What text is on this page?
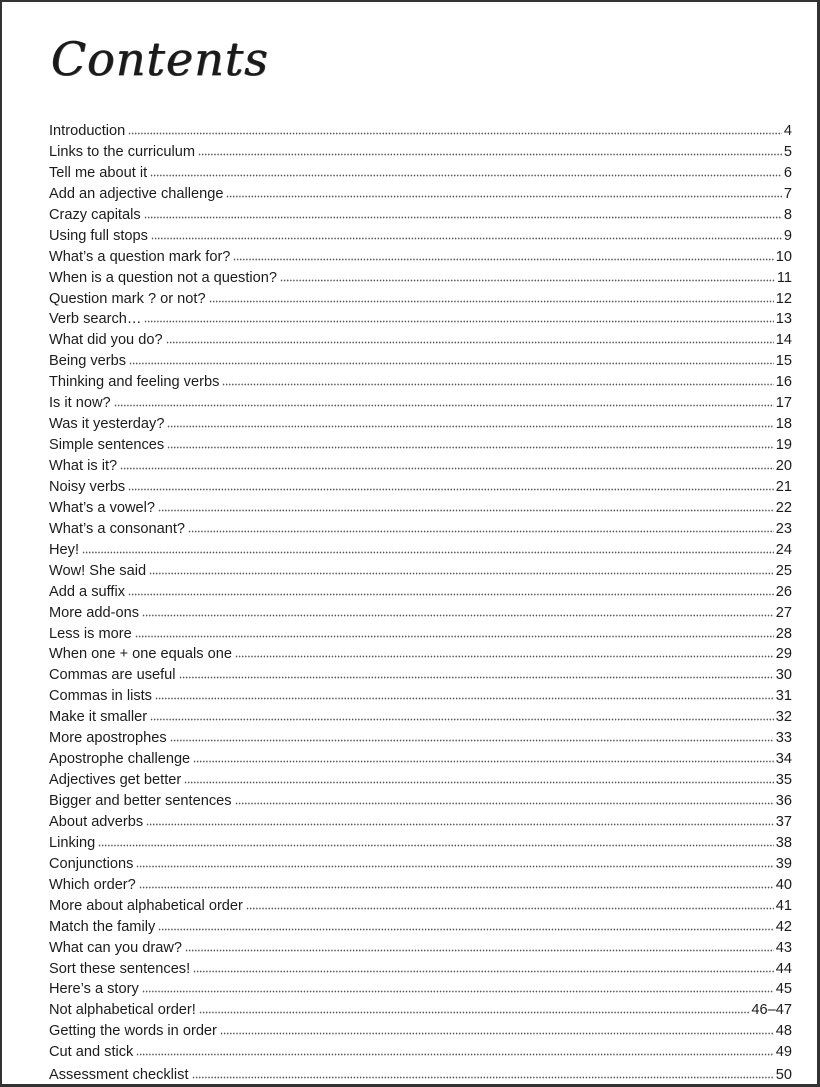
Contents
Introduction	4
Links to the curriculum	5
Tell me about it	6
Add an adjective challenge	7
Crazy capitals	8
Using full stops	9
What’s a question mark for?	10
When is a question not a question?	11
Question mark ? or not?	12
Verb search…	13
What did you do?	14
Being verbs	15
Thinking and feeling verbs	16
Is it now?	17
Was it yesterday?	18
Simple sentences	19
What is it?	20
Noisy verbs	21
What’s a vowel?	22
What’s a consonant?	23
Hey!	24
Wow! She said	25
Add a suffix	26
More add-ons	27
Less is more	28
When one + one equals one	29
Commas are useful	30
Commas in lists	31
Make it smaller	32
More apostrophes	33
Apostrophe challenge	34
Adjectives get better	35
Bigger and better sentences	36
About adverbs	37
Linking	38
Conjunctions	39
Which order?	40
More about alphabetical order	41
Match the family	42
What can you draw?	43
Sort these sentences!	44
Here’s a story	45
Not alphabetical order!	46–47
Getting the words in order	48
Cut and stick	49
Assessment checklist	50
